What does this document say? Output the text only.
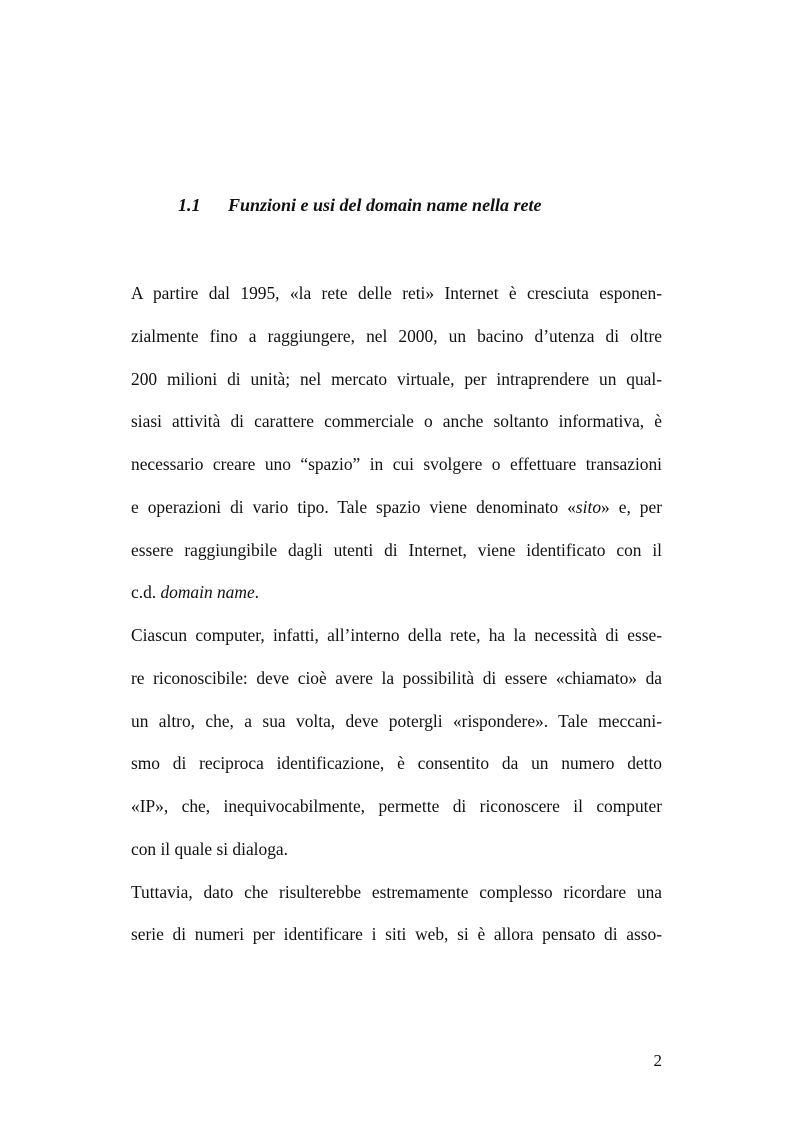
1.1 Funzioni e usi del domain name nella rete
A partire dal 1995, «la rete delle reti» Internet è cresciuta esponen-
zialmente fino a raggiungere, nel 2000, un bacino d’utenza di oltre
200 milioni di unità; nel mercato virtuale, per intraprendere un qual-
siasi attività di carattere commerciale o anche soltanto informativa, è
necessario creare uno “spazio” in cui svolgere o effettuare transazioni
e operazioni di vario tipo. Tale spazio viene denominato «sito» e, per
essere raggiungibile dagli utenti di Internet, viene identificato con il
c.d. domain name.
Ciascun computer, infatti, all’interno della rete, ha la necessità di esse-
re riconoscibile: deve cioè avere la possibilità di essere «chiamato» da
un altro, che, a sua volta, deve potergli «rispondere». Tale meccani-
smo di reciproca identificazione, è consentito da un numero detto
«IP», che, inequivocabilmente, permette di riconoscere il computer
con il quale si dialoga.
Tuttavia, dato che risulterebbe estremamente complesso ricordare una
serie di numeri per identificare i siti web, si è allora pensato di asso-
2
